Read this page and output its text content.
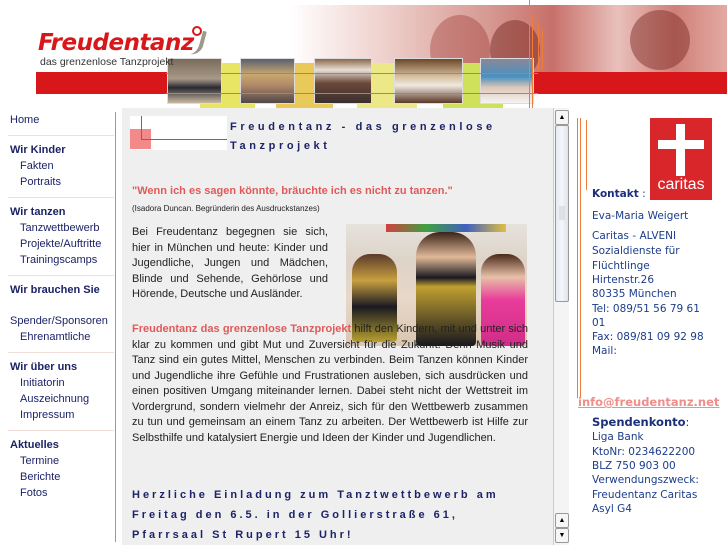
Freudentanz
das grenzenlose Tanzprojekt
Home
Wir Kinder
Fakten
Portraits
Wir tanzen
Tanzwettbewerb
Projekte/Auftritte
Trainingscamps
Wir brauchen Sie
Spender/Sponsoren
Ehrenamtliche
Wir über uns
Initiatorin
Auszeichnung
Impressum
Aktuelles
Termine
Berichte
Fotos
Freudentanz - das grenzenlose Tanzprojekt
"Wenn ich es sagen könnte, bräuchte ich es nicht zu tanzen."
(Isadora Duncan. Begründerin des Ausdruckstanzes)

Bei Freudentanz begegnen sie sich, hier in München und heute: Kinder und Jugendliche, Jungen und Mädchen, Blinde und Sehende, Gehörlose und Hörende, Deutsche und Ausländer.

Freudentanz das grenzenlose Tanzprojekt hilft den Kindern, mit und unter sich klar zu kommen und gibt Mut und Zuversicht für die Zukunft. Denn Musik und Tanz sind ein gutes Mittel, Menschen zu verbinden. Beim Tanzen können Kinder und Jugendliche ihre Gefühle und Frustrationen ausleben, sich ausdrücken und einen positiven Umgang miteinander lernen. Dabei steht nicht der Wettstreit im Vordergrund, sondern vielmehr der Anreiz, sich für den Wettbewerb zusammen zu tun und gemeinsam an einem Tanz zu arbeiten. Der Wettbewerb ist Hilfe zur Selbsthilfe und katalysiert Energie und Ideen der Kinder und Jugendlichen.

Herzliche Einladung zum Tanztwettbewerb am Freitag den 6.5. in der Gollierstraße 61, Pfarrsaal St Rupert 15 Uhr!

▲
▲
▼
caritas
Kontakt :
Eva-Maria Weigert
Caritas - ALVENI
Sozialdienste für
Flüchtlinge
Hirtenstr.26
80335 München
Tel: 089/51 56 79 61
01
Fax: 089/81 09 92 98
Mail:
info@freudentanz.net
Spendenkonto:
Liga Bank
KtoNr: 0234622200
BLZ 750 903 00
Verwendungszweck:
Freudentanz Caritas
Asyl G4
